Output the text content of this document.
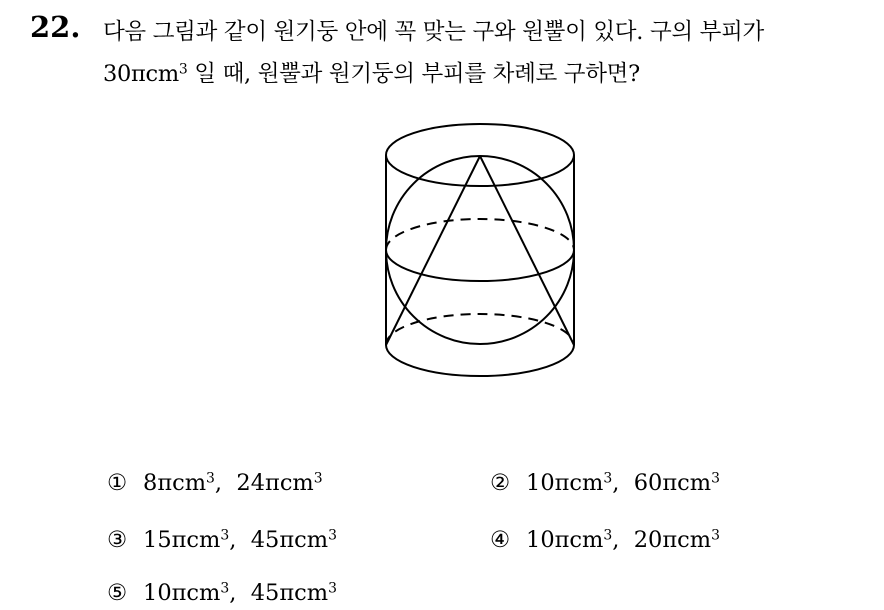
22. 다음 그림과 같이 원기둥 안에 꼭 맞는 구와 원뿔이 있다. 구의 부피가
30πcm$^3$ 일 때, 원뿔과 원기둥의 부피를 차례로 구하면?
① 8πcm$^3$,  24πcm$^3$	② 10πcm$^3$,  60πcm$^3$
③ 15πcm$^3$,  45πcm$^3$	④ 10πcm$^3$,  20πcm$^3$
⑤ 10πcm$^3$,  45πcm$^3$
